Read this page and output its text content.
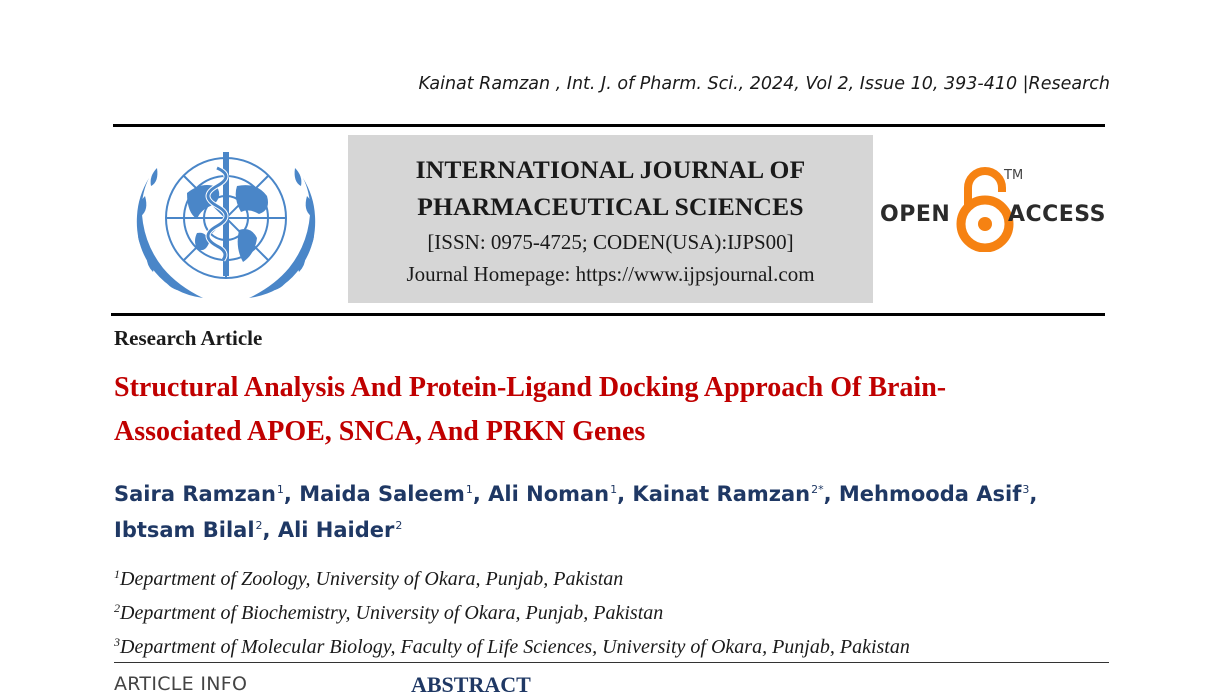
Kainat Ramzan , Int. J. of Pharm. Sci., 2024, Vol 2, Issue 10, 393-410 |Research
INTERNATIONAL JOURNAL OF
PHARMACEUTICAL SCIENCES
[ISSN: 0975-4725; CODEN(USA):IJPS00]
Journal Homepage: https://www.ijpsjournal.com
OPEN
TM
ACCESS
Research Article
Structural Analysis And Protein-Ligand Docking Approach Of Brain-
Associated APOE, SNCA, And PRKN Genes
Saira Ramzan$^1$, Maida Saleem$^1$, Ali Noman$^1$, Kainat Ramzan$^{2*}$, Mehmooda Asif$^3$,
Ibtsam Bilal$^2$, Ali Haider$^2$
$^1$Department of Zoology, University of Okara, Punjab, Pakistan
$^2$Department of Biochemistry, University of Okara, Punjab, Pakistan
$^3$Department of Molecular Biology, Faculty of Life Sciences, University of Okara, Punjab, Pakistan
ARTICLE INFO	ABSTRACT
